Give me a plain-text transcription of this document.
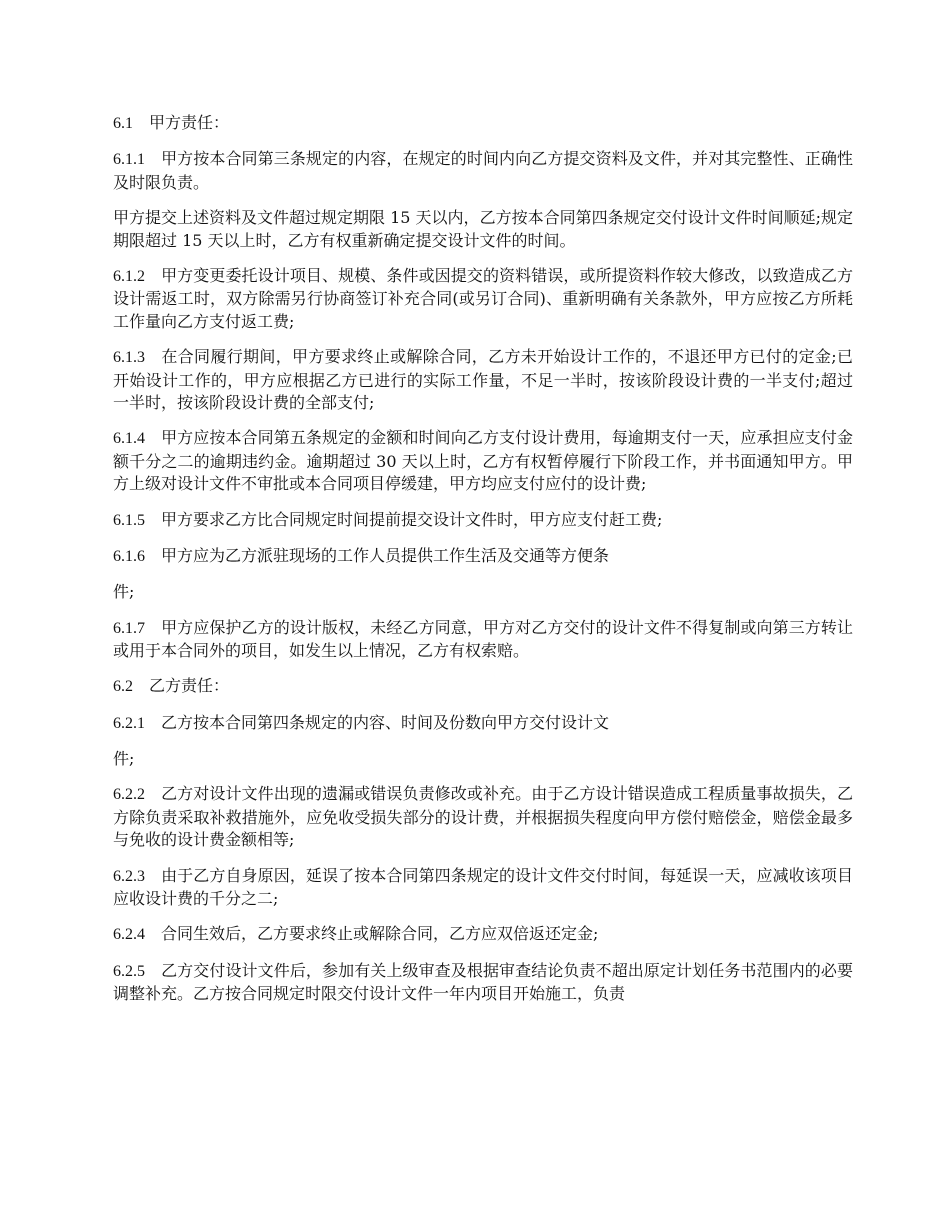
6.1 甲方责任：

6.1.1 甲方按本合同第三条规定的内容，在规定的时间内向乙方提交资料及文件，并对其完整性、正确性及时限负责。

甲方提交上述资料及文件超过规定期限 15 天以内，乙方按本合同第四条规定交付设计文件时间顺延;规定期限超过 15 天以上时，乙方有权重新确定提交设计文件的时间。

6.1.2 甲方变更委托设计项目、规模、条件或因提交的资料错误，或所提资料作较大修改，以致造成乙方设计需返工时，双方除需另行协商签订补充合同(或另订合同)、重新明确有关条款外，甲方应按乙方所耗工作量向乙方支付返工费;

6.1.3 在合同履行期间，甲方要求终止或解除合同，乙方未开始设计工作的，不退还甲方已付的定金;已开始设计工作的，甲方应根据乙方已进行的实际工作量，不足一半时，按该阶段设计费的一半支付;超过一半时，按该阶段设计费的全部支付;

6.1.4 甲方应按本合同第五条规定的金额和时间向乙方支付设计费用，每逾期支付一天，应承担应支付金额千分之二的逾期违约金。逾期超过 30 天以上时，乙方有权暂停履行下阶段工作，并书面通知甲方。甲方上级对设计文件不审批或本合同项目停缓建，甲方均应支付应付的设计费;

6.1.5 甲方要求乙方比合同规定时间提前提交设计文件时，甲方应支付赶工费;

6.1.6 甲方应为乙方派驻现场的工作人员提供工作生活及交通等方便条

件;

6.1.7 甲方应保护乙方的设计版权，未经乙方同意，甲方对乙方交付的设计文件不得复制或向第三方转让或用于本合同外的项目，如发生以上情况，乙方有权索赔。

6.2 乙方责任：

6.2.1 乙方按本合同第四条规定的内容、时间及份数向甲方交付设计文

件;

6.2.2 乙方对设计文件出现的遗漏或错误负责修改或补充。由于乙方设计错误造成工程质量事故损失，乙方除负责采取补救措施外，应免收受损失部分的设计费，并根据损失程度向甲方偿付赔偿金，赔偿金最多与免收的设计费金额相等;

6.2.3 由于乙方自身原因，延误了按本合同第四条规定的设计文件交付时间，每延误一天，应减收该项目应收设计费的千分之二;

6.2.4 合同生效后，乙方要求终止或解除合同，乙方应双倍返还定金;

6.2.5 乙方交付设计文件后，参加有关上级审查及根据审查结论负责不超出原定计划任务书范围内的必要调整补充。乙方按合同规定时限交付设计文件一年内项目开始施工，负责
